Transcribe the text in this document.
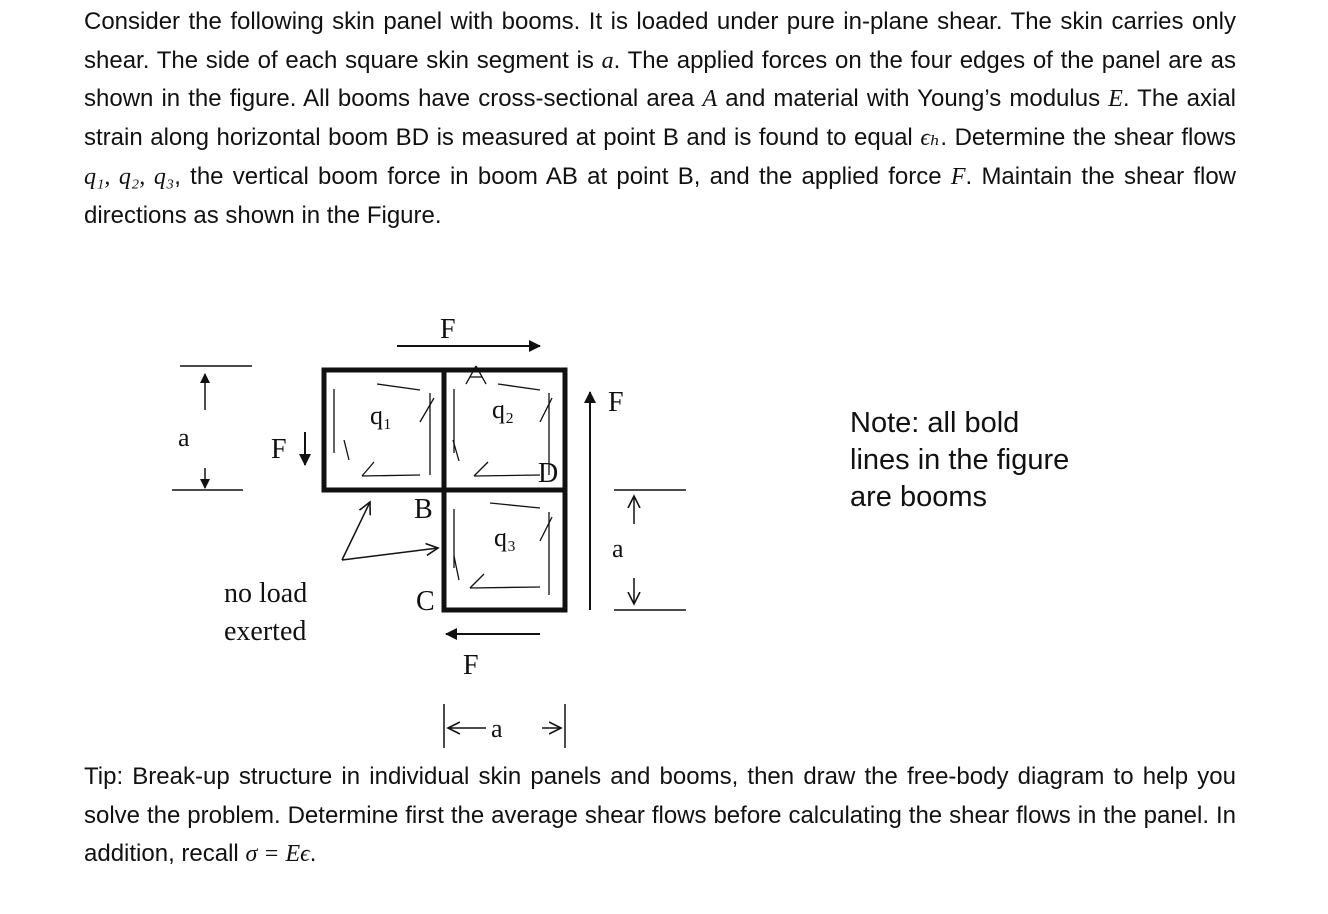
Consider the following skin panel with booms. It is loaded under pure in-plane shear. The skin carries only shear. The side of each square skin segment is a. The applied forces on the four edges of the panel are as shown in the figure. All booms have cross-sectional area A and material with Young’s modulus E. The axial strain along horizontal boom BD is measured at point B and is found to equal ϵₕ. Determine the shear flows q₁, q₂, q₃, the vertical boom force in boom AB at point B, and the applied force F. Maintain the shear flow directions as shown in the Figure.

F
F
F
F
q₁	q₂
q₃
D
B
C
a
a
a
no load
exerted
Note: all bold
lines in the figure
are booms

Tip: Break-up structure in individual skin panels and booms, then draw the free-body diagram to help you solve the problem. Determine first the average shear flows before calculating the shear flows in the panel. In addition, recall σ = Eϵ.
